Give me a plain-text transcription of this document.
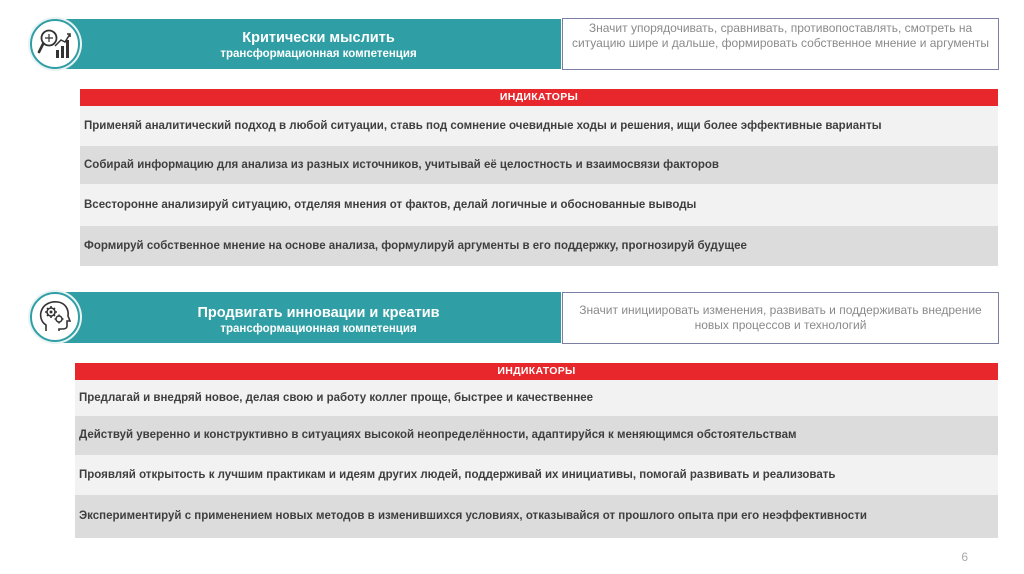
Критически мыслить
трансформационная компетенция
Значит упорядочивать, сравнивать, противопоставлять, смотреть на ситуацию шире и дальше, формировать собственное мнение и аргументы
ИНДИКАТОРЫ
Применяй аналитический подход в любой ситуации, ставь под сомнение очевидные ходы и решения, ищи более эффективные варианты
Собирай информацию для анализа из разных источников, учитывай её целостность и взаимосвязи факторов
Всесторонне анализируй ситуацию, отделяя мнения от фактов, делай логичные и обоснованные выводы
Формируй собственное мнение на основе анализа, формулируй аргументы в его поддержку, прогнозируй будущее
Продвигать инновации и креатив
трансформационная компетенция
Значит инициировать изменения, развивать и поддерживать внедрение новых процессов и технологий
ИНДИКАТОРЫ
Предлагай и внедряй новое, делая свою и работу коллег проще, быстрее и качественнее
Действуй уверенно и конструктивно в ситуациях высокой неопределённости, адаптируйся к меняющимся обстоятельствам
Проявляй открытость к лучшим практикам и идеям других людей, поддерживай их инициативы, помогай развивать и реализовать
Экспериментируй с применением новых методов в изменившихся условиях, отказывайся от прошлого опыта при его неэффективности
6
